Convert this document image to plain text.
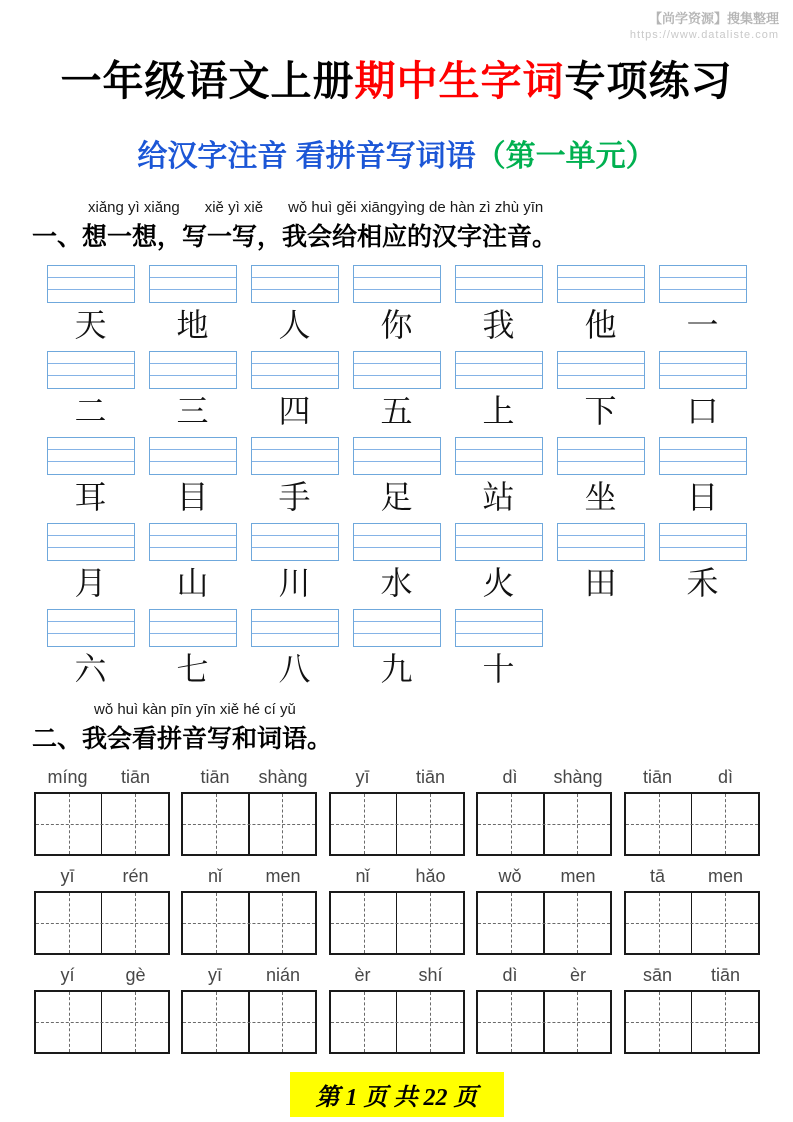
【尚学资源】搜集整理
https://www.dataliste.com
一年级语文上册期中生字词专项练习
给汉字注音 看拼音写词语（第一单元）
xiǎng yì xiǎng      xiě yì xiě      wǒ huì gěi xiāngyìng de hàn zì zhù yīn
一、想一想，写一写，我会给相应的汉字注音。
天 地 人 你 我 他 一
二 三 四 五 上 下 口
耳 目 手 足 站 坐 日
月 山 川 水 火 田 禾
六 七 八 九 十
wǒ huì kàn pīn yīn xiě hé cí yǔ
二、我会看拼音写和词语。
míng	tiān	tiān	shàng	yī	tiān	dì	shàng	tiān	dì
yī	rén	nǐ	men	nǐ	hǎo	wǒ	men	tā	men
yí	gè	yī	nián	èr	shí	dì	èr	sān	tiān
第 1 页 共 22 页
